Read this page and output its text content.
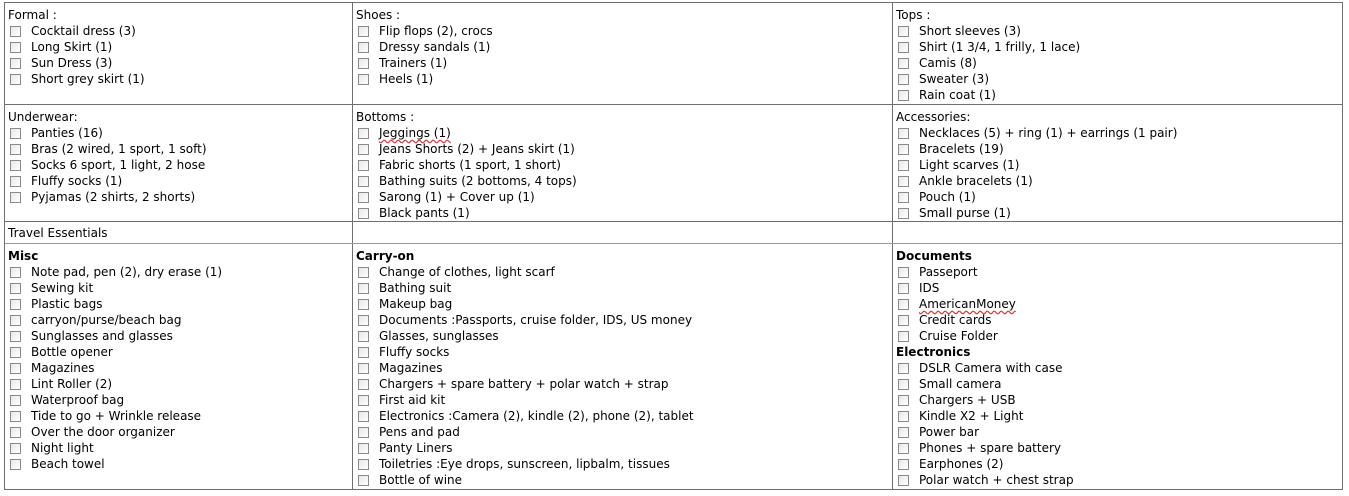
Formal :
Cocktail dress (3)
Long Skirt (1)
Sun Dress (3)
Short grey skirt (1)
Shoes :
Flip flops (2), crocs
Dressy sandals (1)
Trainers (1)
Heels (1)
Tops :
Short sleeves (3)
Shirt (1 3/4, 1 frilly, 1 lace)
Camis (8)
Sweater (3)
Rain coat (1)
Underwear:
Panties (16)
Bras (2 wired, 1 sport, 1 soft)
Socks 6 sport, 1 light, 2 hose
Fluffy socks (1)
Pyjamas (2 shirts, 2 shorts)
Bottoms :
Jeggings (1)
Jeans Shorts (2) + Jeans skirt (1)
Fabric shorts (1 sport, 1 short)
Bathing suits (2 bottoms, 4 tops)
Sarong (1) + Cover up (1)
Black pants (1)
Accessories:
Necklaces (5) + ring (1) + earrings (1 pair)
Bracelets (19)
Light scarves (1)
Ankle bracelets (1)
Pouch (1)
Small purse (1)
Travel Essentials
Misc
Note pad, pen (2), dry erase (1)
Sewing kit
Plastic bags
carryon/purse/beach bag
Sunglasses and glasses
Bottle opener
Magazines
Lint Roller (2)
Waterproof bag
Tide to go + Wrinkle release
Over the door organizer
Night light
Beach towel
Carry-on
Change of clothes, light scarf
Bathing suit
Makeup bag
Documents :Passports, cruise folder, IDS, US money
Glasses, sunglasses
Fluffy socks
Magazines
Chargers + spare battery + polar watch + strap
First aid kit
Electronics :Camera (2), kindle (2), phone (2), tablet
Pens and pad
Panty Liners
Toiletries :Eye drops, sunscreen, lipbalm, tissues
Bottle of wine
Documents
Passeport
IDS
AmericanMoney
Credit cards
Cruise Folder
Electronics
DSLR Camera with case
Small camera
Chargers + USB
Kindle X2 + Light
Power bar
Phones + spare battery
Earphones (2)
Polar watch + chest strap
